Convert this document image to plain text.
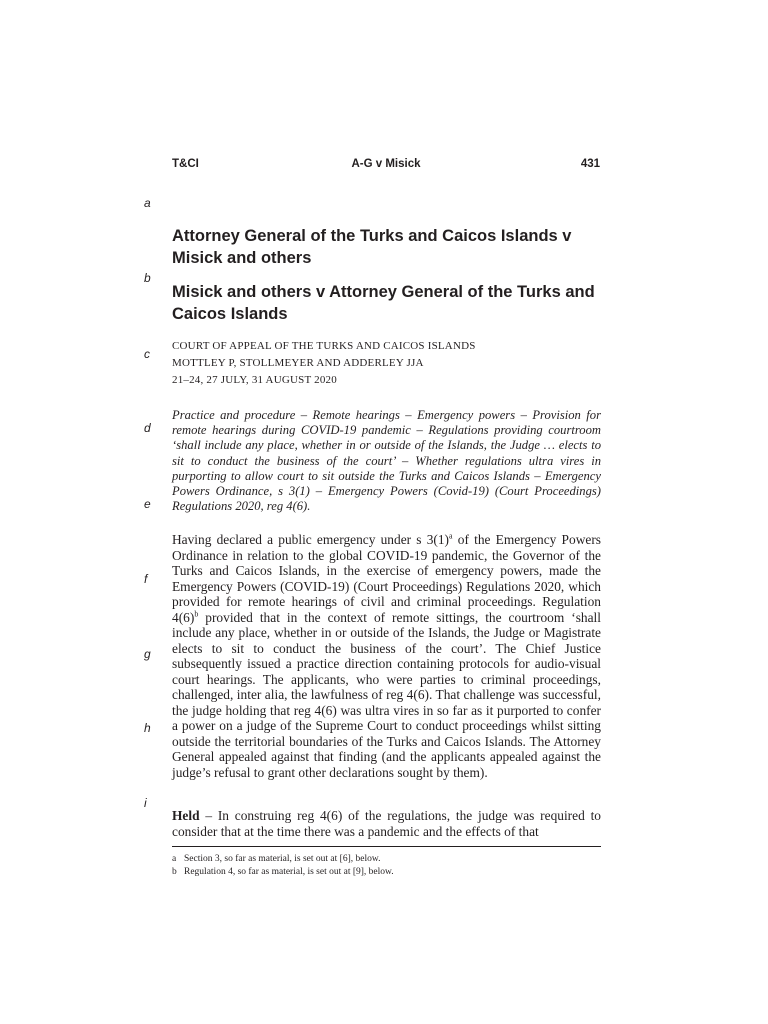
T&CI	A-G v Misick	431
a
b
c
d
e
f
g
h
i
Attorney General of the Turks and Caicos Islands v Misick and others
Misick and others v Attorney General of the Turks and Caicos Islands
COURT OF APPEAL OF THE TURKS AND CAICOS ISLANDS
MOTTLEY P, STOLLMEYER AND ADDERLEY JJA
21–24, 27 JULY, 31 AUGUST 2020
Practice and procedure – Remote hearings – Emergency powers – Provision for remote hearings during COVID-19 pandemic – Regulations providing courtroom ‘shall include any place, whether in or outside of the Islands, the Judge … elects to sit to conduct the business of the court’ – Whether regulations ultra vires in purporting to allow court to sit outside the Turks and Caicos Islands – Emergency Powers Ordinance, s 3(1) – Emergency Powers (Covid-19) (Court Proceedings) Regulations 2020, reg 4(6).
Having declared a public emergency under s $3(1)^a$ of the Emergency Powers Ordinance in relation to the global COVID-19 pandemic, the Governor of the Turks and Caicos Islands, in the exercise of emergency powers, made the Emergency Powers (COVID-19) (Court Proceedings) Regulations 2020, which provided for remote hearings of civil and criminal proceedings. Regulation $4(6)^b$ provided that in the context of remote sittings, the courtroom ‘shall include any place, whether in or outside of the Islands, the Judge or Magistrate elects to sit to conduct the business of the court’. The Chief Justice subsequently issued a practice direction containing protocols for audio-visual court hearings. The applicants, who were parties to criminal proceedings, challenged, inter alia, the lawfulness of reg 4(6). That challenge was successful, the judge holding that reg 4(6) was ultra vires in so far as it purported to confer a power on a judge of the Supreme Court to conduct proceedings whilst sitting outside the territorial boundaries of the Turks and Caicos Islands. The Attorney General appealed against that finding (and the applicants appealed against the judge’s refusal to grant other declarations sought by them).
Held – In construing reg 4(6) of the regulations, the judge was required to consider that at the time there was a pandemic and the effects of that
a Section 3, so far as material, is set out at [6], below.
b Regulation 4, so far as material, is set out at [9], below.
